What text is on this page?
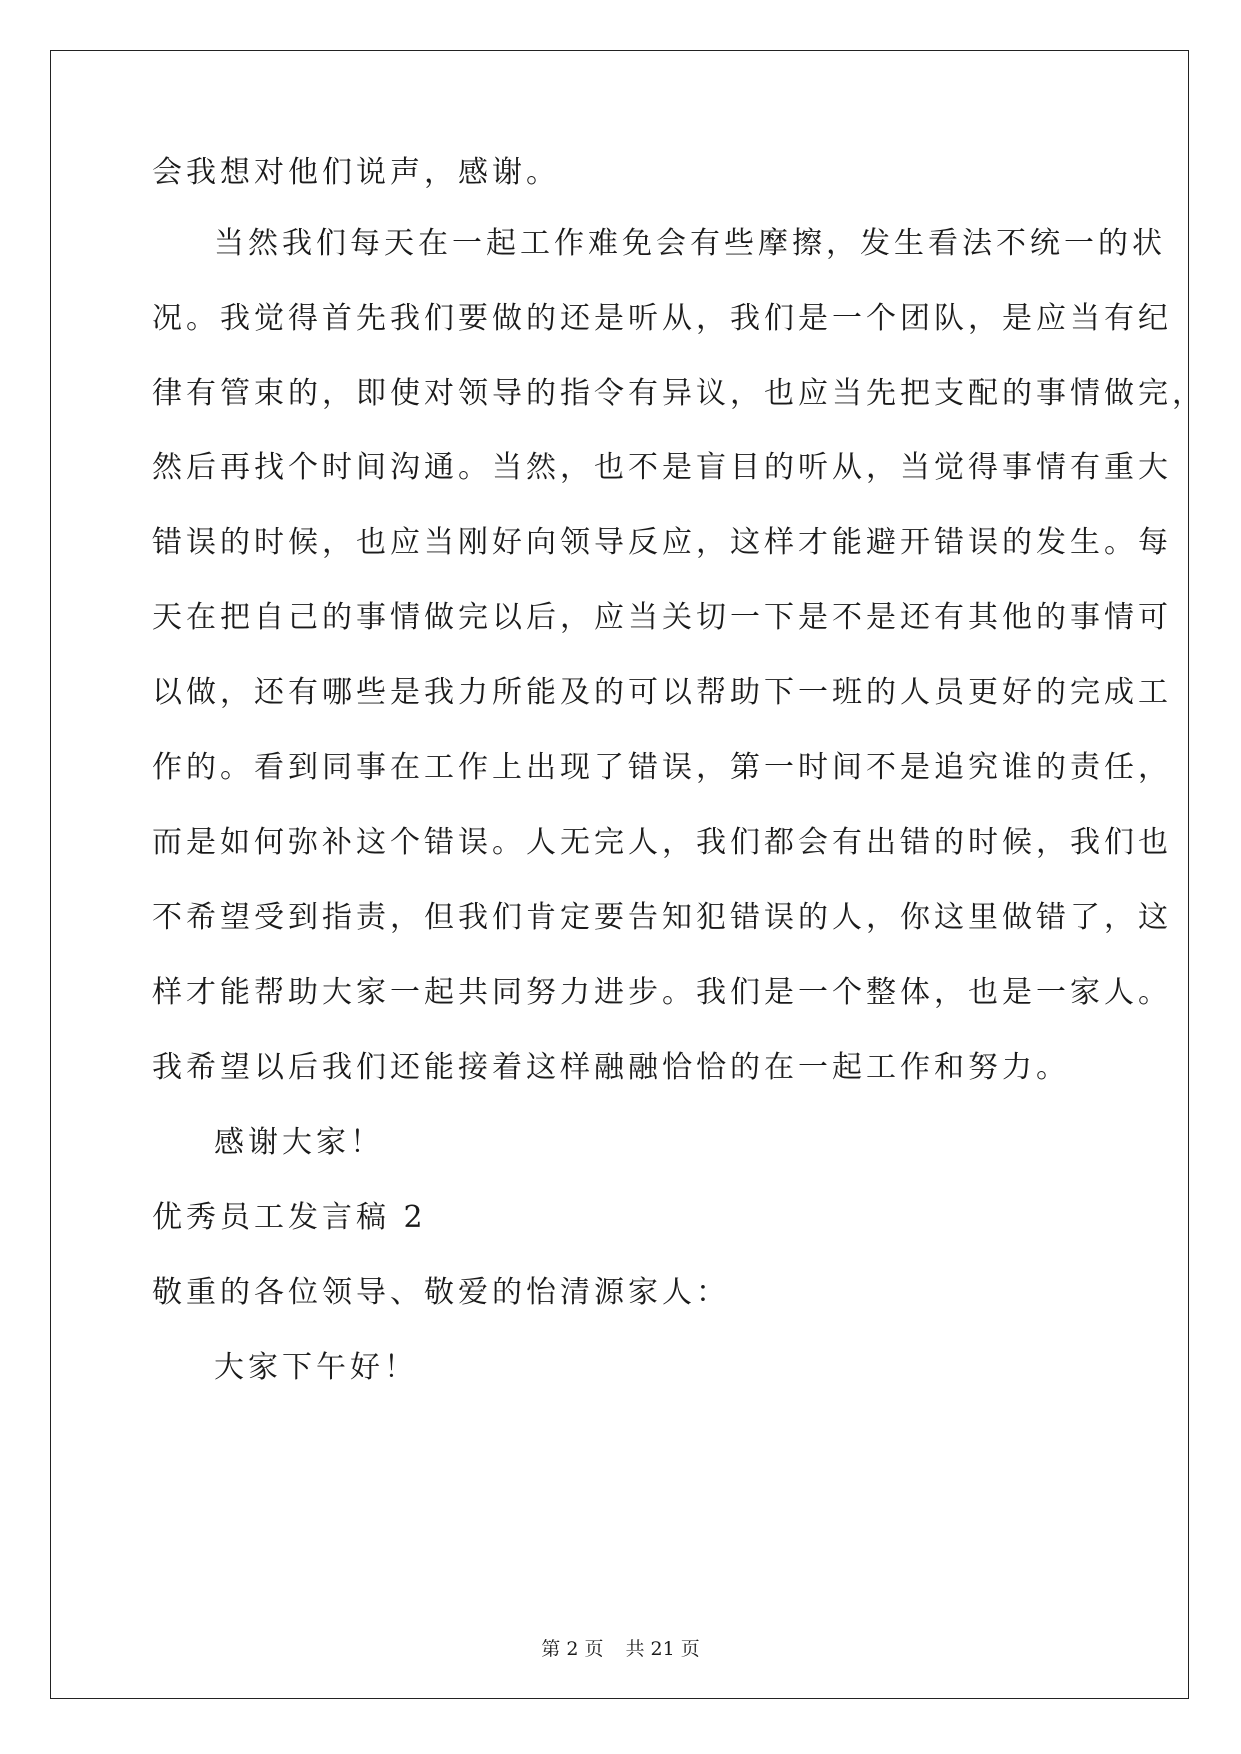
会我想对他们说声，感谢。
当然我们每天在一起工作难免会有些摩擦，发生看法不统一的状
况。我觉得首先我们要做的还是听从，我们是一个团队，是应当有纪
律有管束的，即使对领导的指令有异议，也应当先把支配的事情做完，
然后再找个时间沟通。当然，也不是盲目的听从，当觉得事情有重大
错误的时候，也应当刚好向领导反应，这样才能避开错误的发生。每
天在把自己的事情做完以后，应当关切一下是不是还有其他的事情可
以做，还有哪些是我力所能及的可以帮助下一班的人员更好的完成工
作的。看到同事在工作上出现了错误，第一时间不是追究谁的责任，
而是如何弥补这个错误。人无完人，我们都会有出错的时候，我们也
不希望受到指责，但我们肯定要告知犯错误的人，你这里做错了，这
样才能帮助大家一起共同努力进步。我们是一个整体，也是一家人。
我希望以后我们还能接着这样融融恰恰的在一起工作和努力。
感谢大家！
优秀员工发言稿 2
敬重的各位领导、敬爱的怡清源家人：
大家下午好！
第 2 页 共 21 页
